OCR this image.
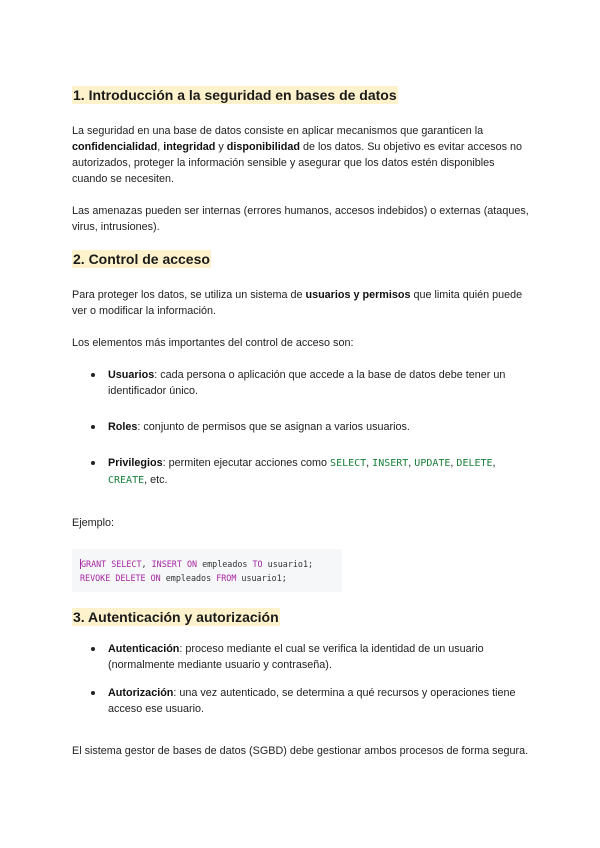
1. Introducción a la seguridad en bases de datos

La seguridad en una base de datos consiste en aplicar mecanismos que garanticen la confidencialidad, integridad y disponibilidad de los datos. Su objetivo es evitar accesos no autorizados, proteger la información sensible y asegurar que los datos estén disponibles cuando se necesiten.

Las amenazas pueden ser internas (errores humanos, accesos indebidos) o externas (ataques, virus, intrusiones).

2. Control de acceso

Para proteger los datos, se utiliza un sistema de usuarios y permisos que limita quién puede ver o modificar la información.

Los elementos más importantes del control de acceso son:

Usuarios: cada persona o aplicación que accede a la base de datos debe tener un identificador único.
Roles: conjunto de permisos que se asignan a varios usuarios.
Privilegios: permiten ejecutar acciones como SELECT, INSERT, UPDATE, DELETE, CREATE, etc.

Ejemplo:

GRANT SELECT, INSERT ON empleados TO usuario1;
REVOKE DELETE ON empleados FROM usuario1;
3. Autenticación y autorización
Autenticación: proceso mediante el cual se verifica la identidad de un usuario (normalmente mediante usuario y contraseña).
Autorización: una vez autenticado, se determina a qué recursos y operaciones tiene acceso ese usuario.

El sistema gestor de bases de datos (SGBD) debe gestionar ambos procesos de forma segura.
